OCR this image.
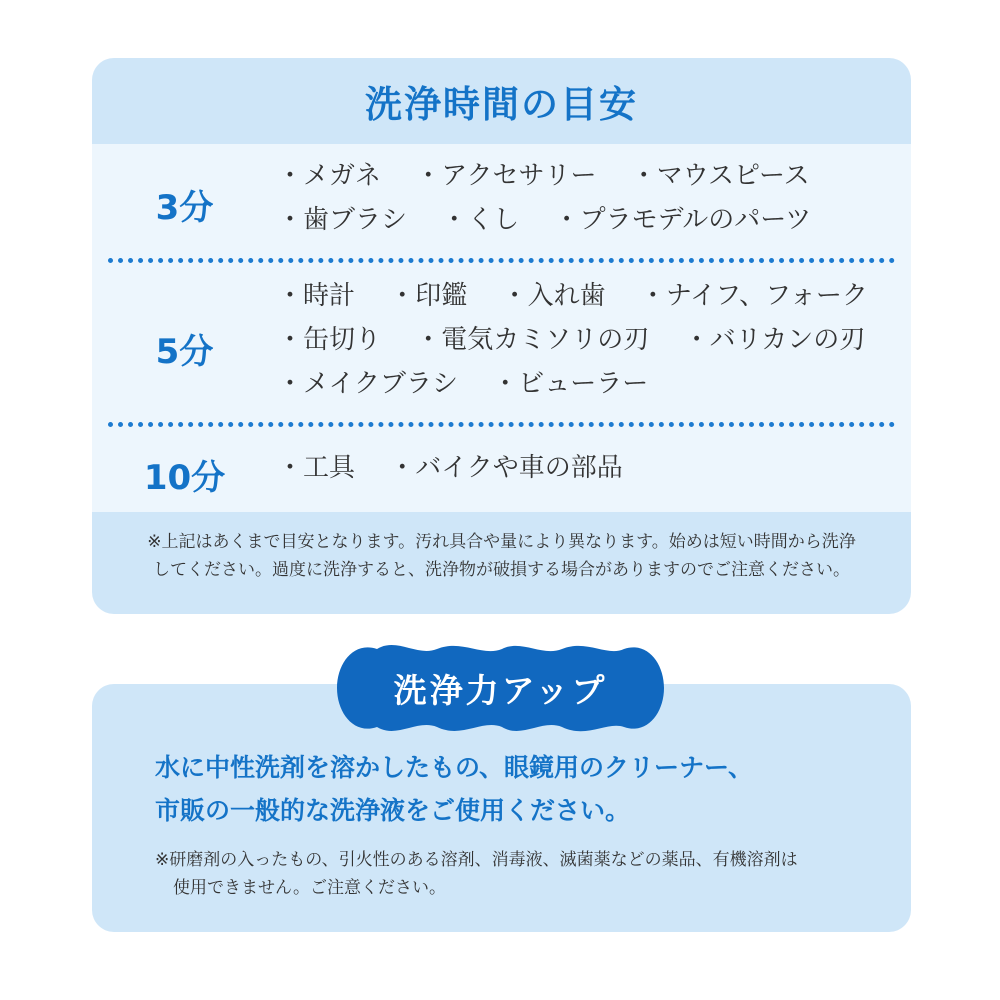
洗浄時間の目安
3分
・メガネ ・アクセサリー ・マウスピース
・歯ブラシ ・くし ・プラモデルのパーツ
5分
・時計 ・印鑑 ・入れ歯 ・ナイフ、フォーク
・缶切り ・電気カミソリの刃 ・バリカンの刃
・メイクブラシ ・ビューラー
10分	・工具 ・バイクや車の部品
※上記はあくまで目安となります。汚れ具合や量により異なります。始めは短い時間から洗浄
してください。過度に洗浄すると、洗浄物が破損する場合がありますのでご注意ください。
洗浄力アップ
水に中性洗剤を溶かしたもの、眼鏡用のクリーナー、
市販の一般的な洗浄液をご使用ください。
※研磨剤の入ったもの、引火性のある溶剤、消毒液、滅菌薬などの薬品、有機溶剤は
使用できません。ご注意ください。
